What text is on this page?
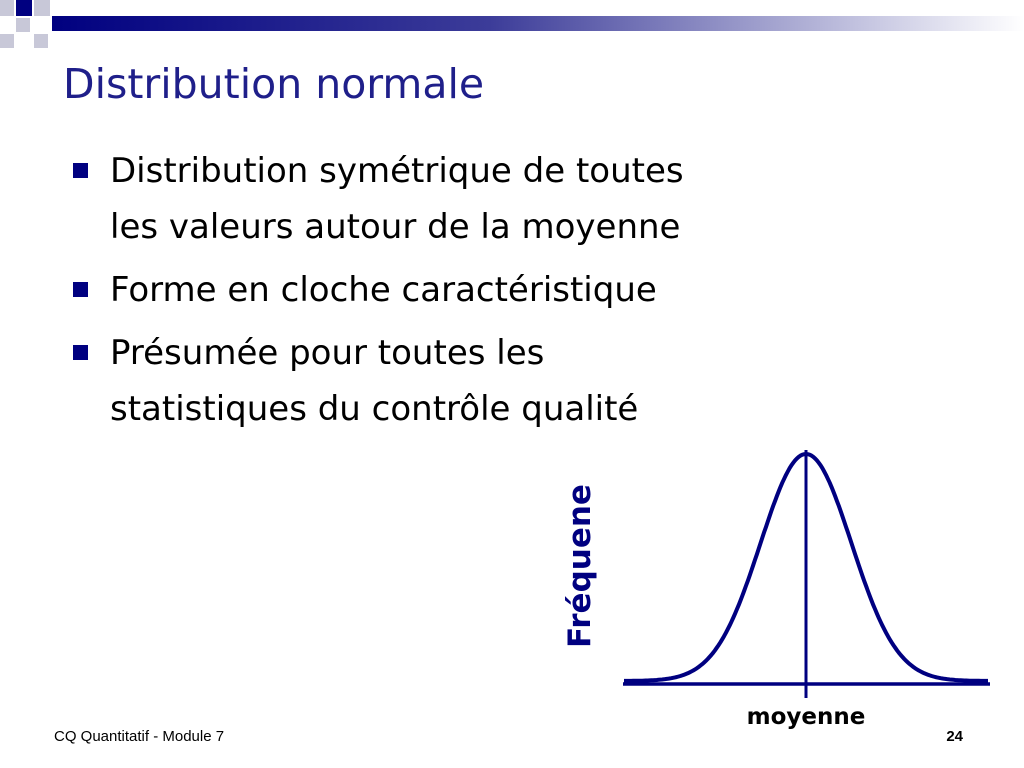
Distribution normale
Distribution symétrique de toutes
les valeurs autour de la moyenne
Forme en cloche caractéristique
Présumée pour toutes les
statistiques du contrôle qualité
Fréquene
moyenne
CQ Quantitatif - Module 7	24
